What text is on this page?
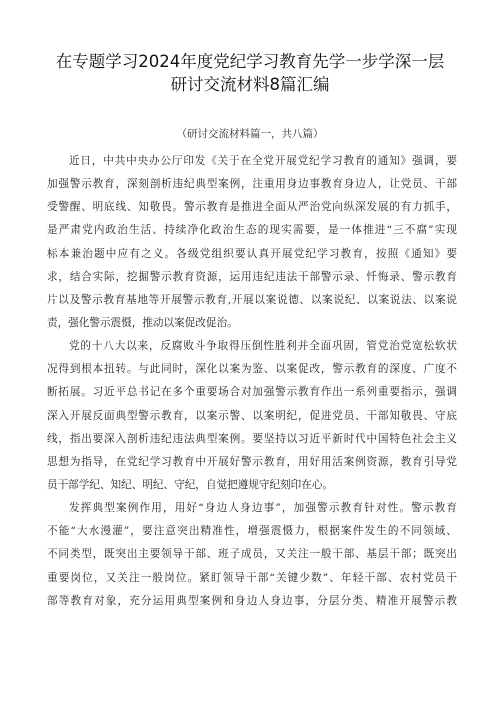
在专题学习2024年度党纪学习教育先学一步学深一层
研讨交流材料8篇汇编
（研讨交流材料篇一，共八篇）
近日，中共中央办公厅印发《关于在全党开展党纪学习教育的通知》强调，要
加强警示教育，深刻剖析违纪典型案例，注重用身边事教育身边人，让党员、干部
受警醒、明底线、知敬畏。警示教育是推进全面从严治党向纵深发展的有力抓手，
是严肃党内政治生活、持续净化政治生态的现实需要，是一体推进“三不腐”实现
标本兼治题中应有之义。各级党组织要认真开展党纪学习教育，按照《通知》要
求，结合实际，挖掘警示教育资源，运用违纪违法干部警示录、忏悔录、警示教育
片以及警示教育基地等开展警示教育,开展以案说德、以案说纪、以案说法、以案说
责，强化警示震慑，推动以案促改促治。
党的十八大以来，反腐败斗争取得压倒性胜利并全面巩固，管党治党宽松软状
况得到根本扭转。与此同时，深化以案为鉴、以案促改，警示教育的深度、广度不
断拓展。习近平总书记在多个重要场合对加强警示教育作出一系列重要指示，强调
深入开展反面典型警示教育，以案示警、以案明纪，促进党员、干部知敬畏、守底
线，指出要深入剖析违纪违法典型案例。要坚持以习近平新时代中国特色社会主义
思想为指导，在党纪学习教育中开展好警示教育，用好用活案例资源，教育引导党
员干部学纪、知纪、明纪、守纪，自觉把遵规守纪刻印在心。
发挥典型案例作用，用好“身边人身边事”，加强警示教育针对性。警示教育
不能“大水漫灌”，要注意突出精准性，增强震慑力，根据案件发生的不同领域、
不同类型，既突出主要领导干部、班子成员，又关注一般干部、基层干部；既突出
重要岗位，又关注一般岗位。紧盯领导干部“关键少数”、年轻干部、农村党员干
部等教育对象，充分运用典型案例和身边人身边事，分层分类、精准开展警示教
